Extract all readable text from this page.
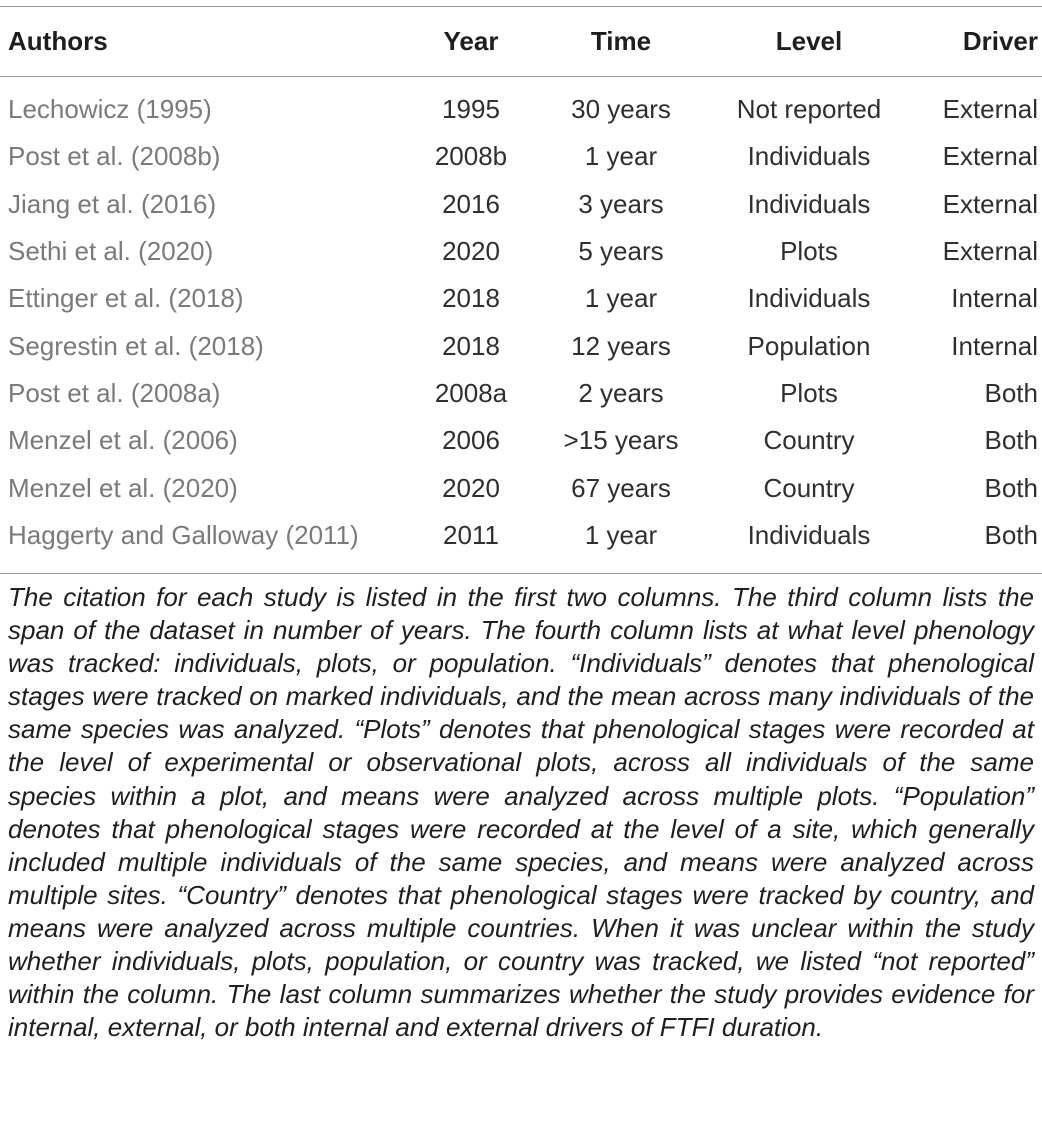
Authors	Year	Time	Level	Driver
Lechowicz (1995)	1995	30 years	Not reported	External
Post et al. (2008b)	2008b	1 year	Individuals	External
Jiang et al. (2016)	2016	3 years	Individuals	External
Sethi et al. (2020)	2020	5 years	Plots	External
Ettinger et al. (2018)	2018	1 year	Individuals	Internal
Segrestin et al. (2018)	2018	12 years	Population	Internal
Post et al. (2008a)	2008a	2 years	Plots	Both
Menzel et al. (2006)	2006	>15 years	Country	Both
Menzel et al. (2020)	2020	67 years	Country	Both
Haggerty and Galloway (2011)	2011	1 year	Individuals	Both

The citation for each study is listed in the first two columns. The third column lists the span of the dataset in number of years. The fourth column lists at what level phenology was tracked: individuals, plots, or population. “Individuals” denotes that phenological stages were tracked on marked individuals, and the mean across many individuals of the same species was analyzed. “Plots” denotes that phenological stages were recorded at the level of experimental or observational plots, across all individuals of the same species within a plot, and means were analyzed across multiple plots. “Population” denotes that phenological stages were recorded at the level of a site, which generally included multiple individuals of the same species, and means were analyzed across multiple sites. “Country” denotes that phenological stages were tracked by country, and means were analyzed across multiple countries. When it was unclear within the study whether individuals, plots, population, or country was tracked, we listed “not reported” within the column. The last column summarizes whether the study provides evidence for internal, external, or both internal and external drivers of FTFI duration.
